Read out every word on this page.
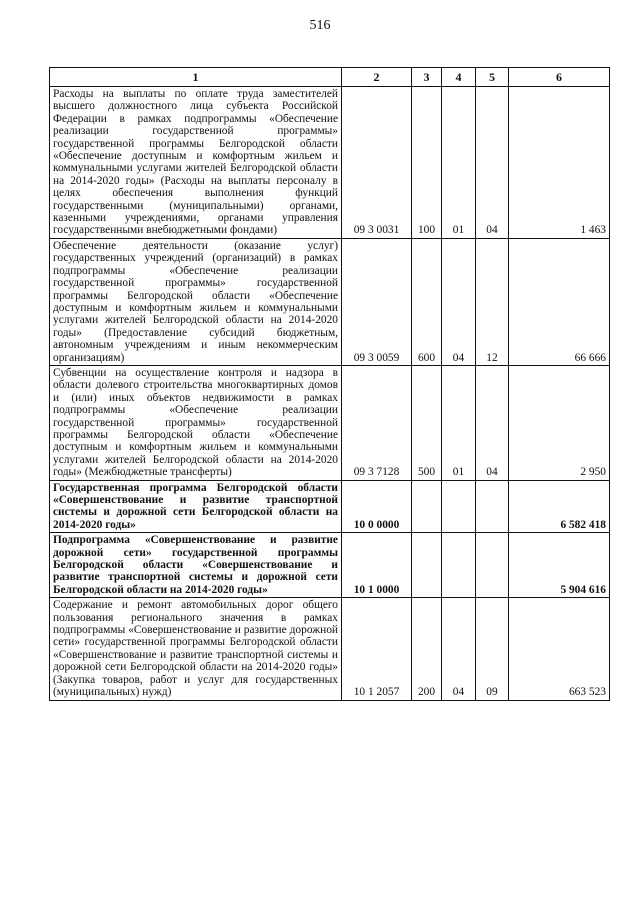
516
1	2	3	4	5	6
Расходы на выплаты по оплате труда заместителей высшего должностного лица субъекта Российской Федерации в рамках подпрограммы «Обеспечение реализации государственной программы» государственной программы Белгородской области «Обеспечение доступным и комфортным жильем и коммунальными услугами жителей Белгородской области на 2014-2020 годы» (Расходы на выплаты персоналу в целях обеспечения выполнения функций государственными (муниципальными) органами, казенными учреждениями, органами управления государственными внебюджетными фондами)	09 3 0031	100	01	04	1 463
Обеспечение деятельности (оказание услуг) государственных учреждений (организаций) в рамках подпрограммы «Обеспечение реализации государственной программы» государственной программы Белгородской области «Обеспечение доступным и комфортным жильем и коммунальными услугами жителей Белгородской области на 2014-2020 годы» (Предоставление субсидий бюджетным, автономным учреждениям и иным некоммерческим организациям)	09 3 0059	600	04	12	66 666
Субвенции на осуществление контроля и надзора в области долевого строительства многоквартирных домов и (или) иных объектов недвижимости в рамках подпрограммы «Обеспечение реализации государственной программы» государственной программы Белгородской области «Обеспечение доступным и комфортным жильем и коммунальными услугами жителей Белгородской области на 2014-2020 годы» (Межбюджетные трансферты)	09 3 7128	500	01	04	2 950
Государственная программа Белгородской области «Совершенствование и развитие транспортной системы и дорожной сети Белгородской области на 2014-2020 годы»	10 0 0000				6 582 418
Подпрограмма «Совершенствование и развитие дорожной сети» государственной программы Белгородской области «Совершенствование и развитие транспортной системы и дорожной сети Белгородской области на 2014-2020 годы»	10 1 0000				5 904 616
Содержание и ремонт автомобильных дорог общего пользования регионального значения в рамках подпрограммы «Совершенствование и развитие дорожной сети» государственной программы Белгородской области «Совершенствование и развитие транспортной системы и дорожной сети Белгородской области на 2014-2020 годы» (Закупка товаров, работ и услуг для государственных (муниципальных) нужд)	10 1 2057	200	04	09	663 523
